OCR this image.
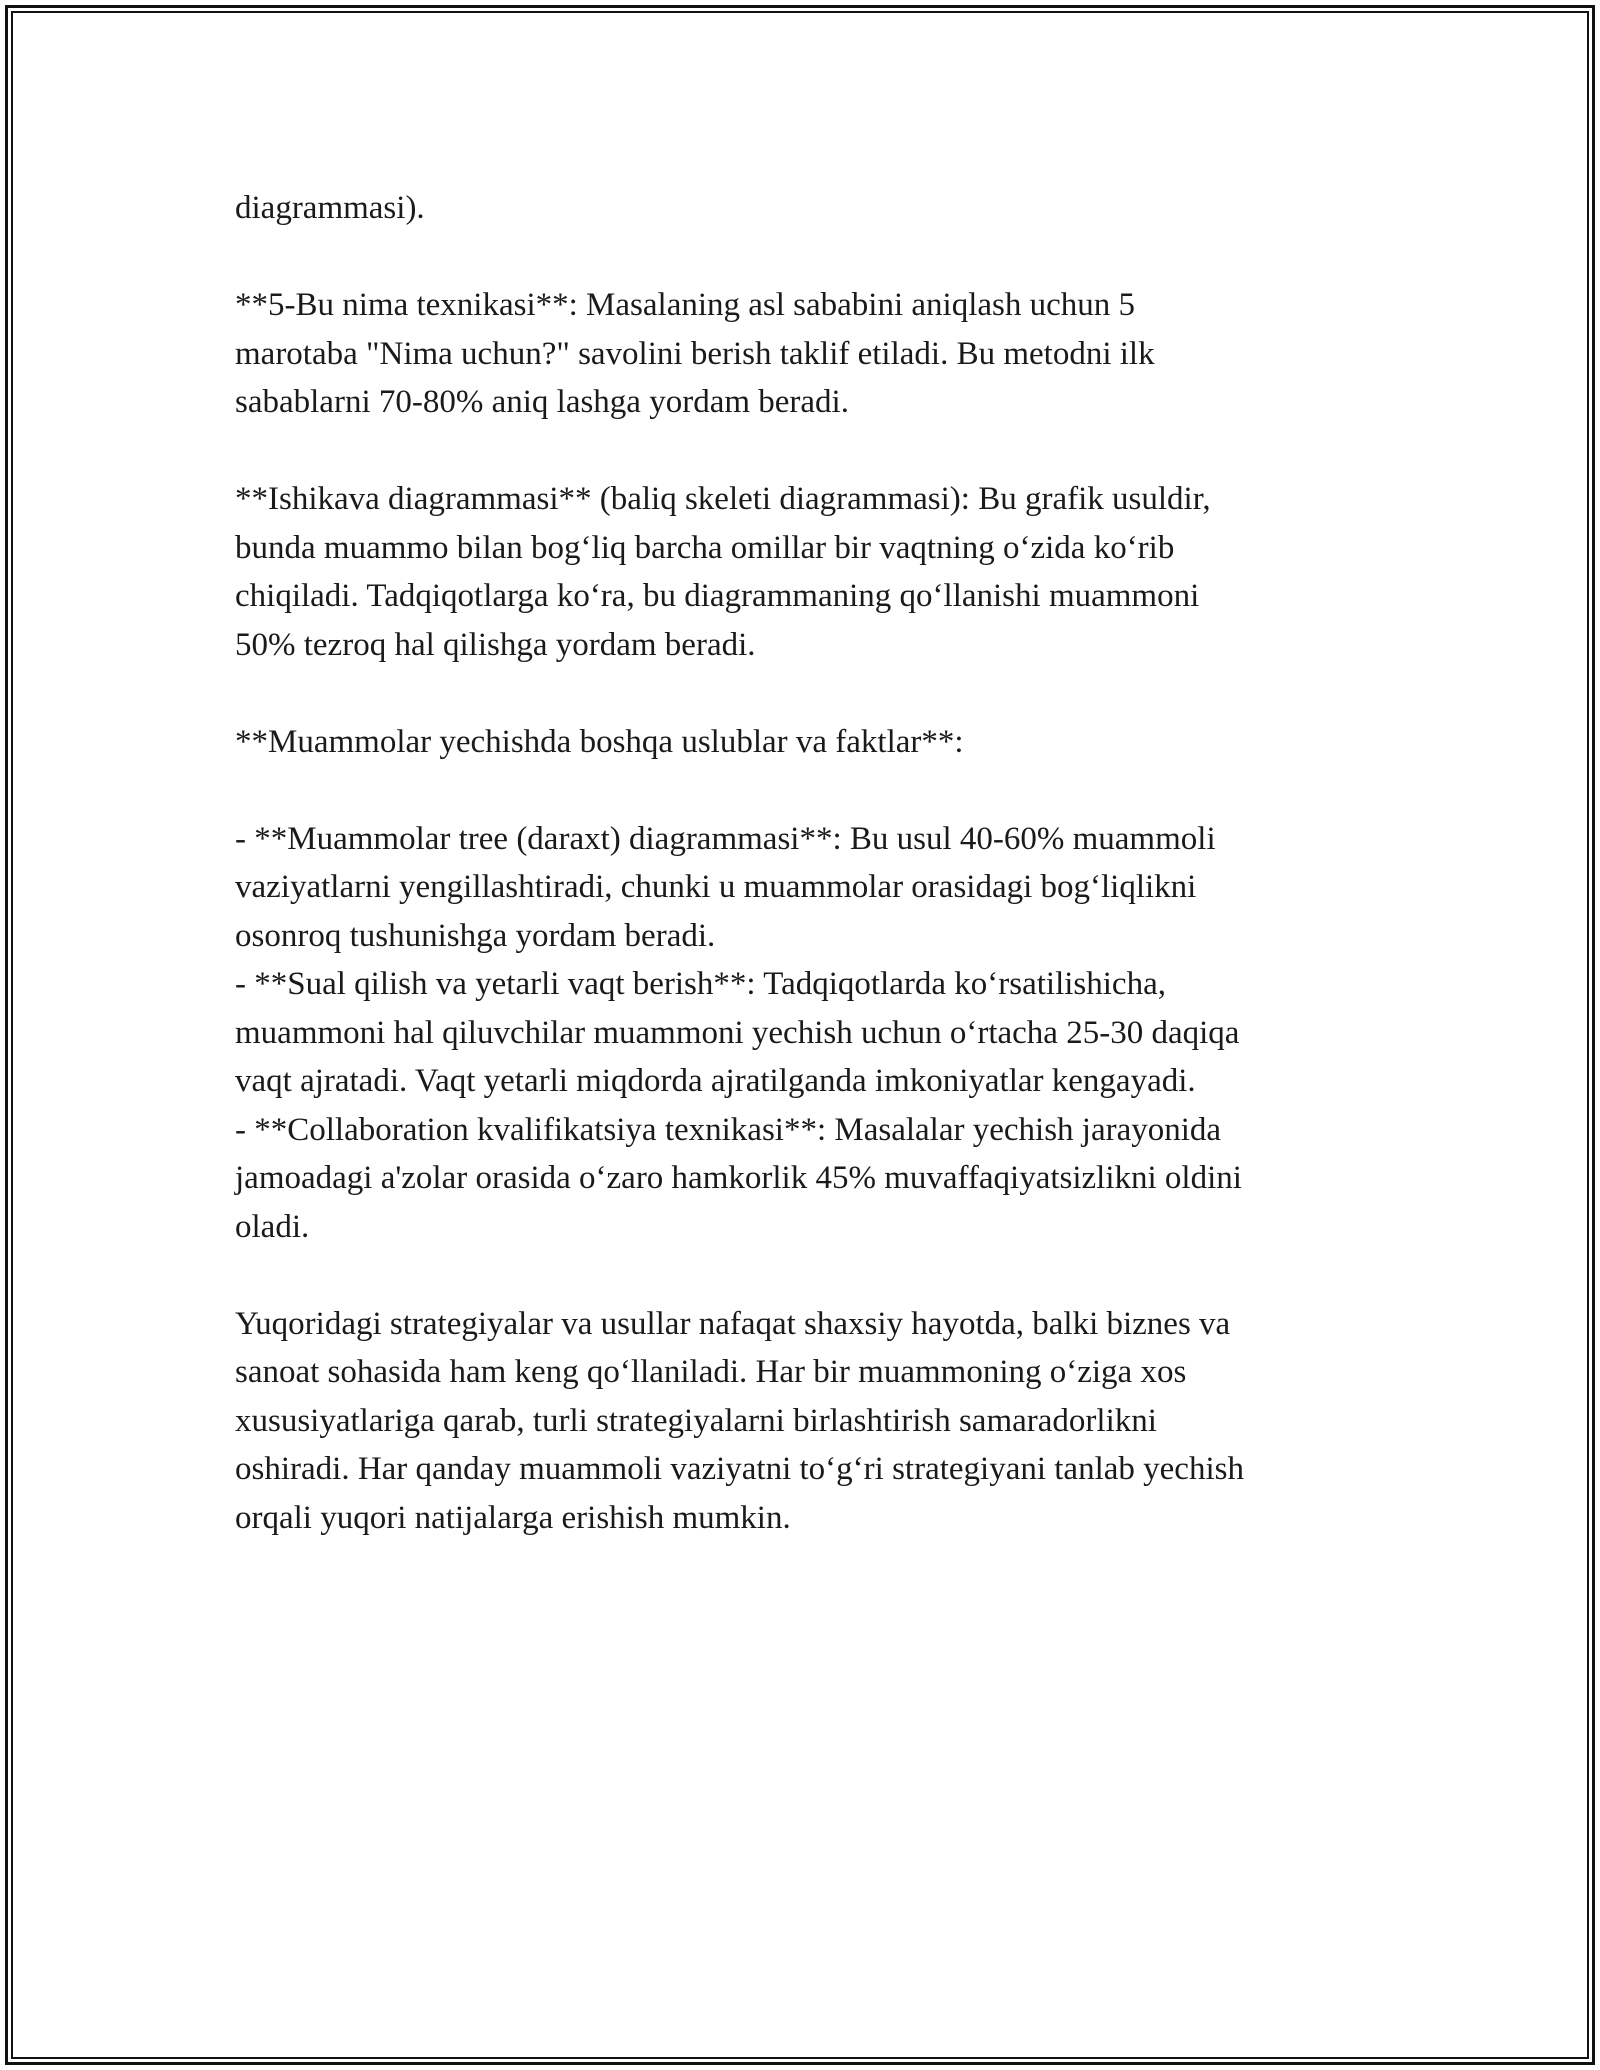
diagrammasi).

**5-Bu nima texnikasi**: Masalaning asl sababini aniqlash uchun 5
marotaba "Nima uchun?" savolini berish taklif etiladi. Bu metodni ilk
sabablarni 70-80% aniq lashga yordam beradi.

**Ishikava diagrammasi** (baliq skeleti diagrammasi): Bu grafik usuldir,
bunda muammo bilan bog‘liq barcha omillar bir vaqtning o‘zida ko‘rib
chiqiladi. Tadqiqotlarga ko‘ra, bu diagrammaning qo‘llanishi muammoni
50% tezroq hal qilishga yordam beradi.

**Muammolar yechishda boshqa uslublar va faktlar**:

- **Muammolar tree (daraxt) diagrammasi**: Bu usul 40-60% muammoli
vaziyatlarni yengillashtiradi, chunki u muammolar orasidagi bog‘liqlikni
osonroq tushunishga yordam beradi.
- **Sual qilish va yetarli vaqt berish**: Tadqiqotlarda ko‘rsatilishicha,
muammoni hal qiluvchilar muammoni yechish uchun o‘rtacha 25-30 daqiqa
vaqt ajratadi. Vaqt yetarli miqdorda ajratilganda imkoniyatlar kengayadi.
- **Collaboration kvalifikatsiya texnikasi**: Masalalar yechish jarayonida
jamoadagi a'zolar orasida o‘zaro hamkorlik 45% muvaffaqiyatsizlikni oldini
oladi.

Yuqoridagi strategiyalar va usullar nafaqat shaxsiy hayotda, balki biznes va
sanoat sohasida ham keng qo‘llaniladi. Har bir muammoning o‘ziga xos
xususiyatlariga qarab, turli strategiyalarni birlashtirish samaradorlikni
oshiradi. Har qanday muammoli vaziyatni to‘g‘ri strategiyani tanlab yechish
orqali yuqori natijalarga erishish mumkin.
